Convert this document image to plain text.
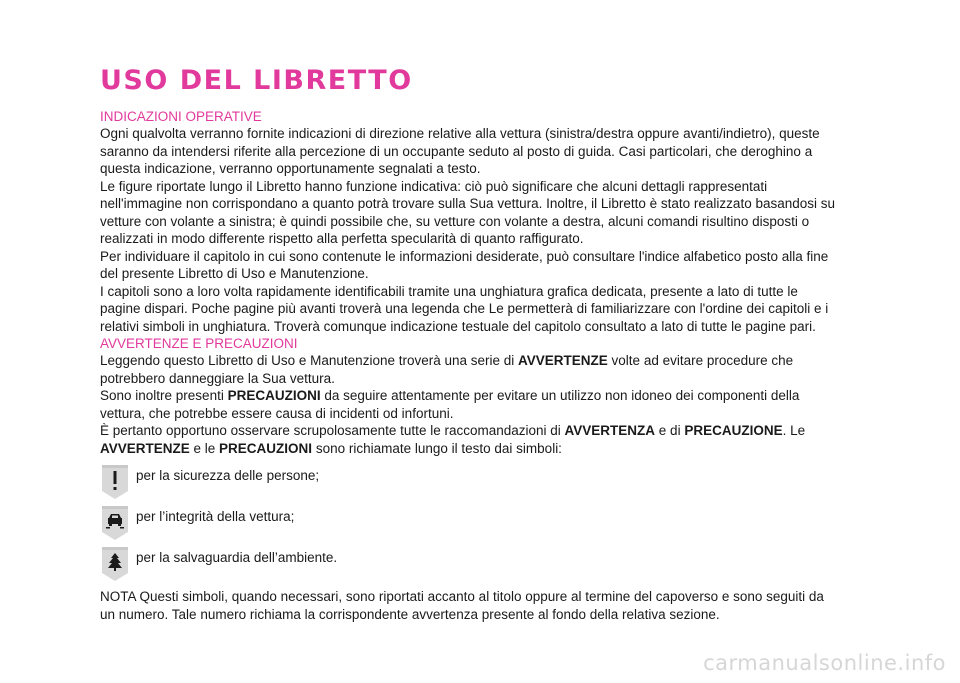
USO DEL LIBRETTO
INDICAZIONI OPERATIVE

Ogni qualvolta verranno fornite indicazioni di direzione relative alla vettura (sinistra/destra oppure avanti/indietro), queste saranno da intendersi riferite alla percezione di un occupante seduto al posto di guida. Casi particolari, che deroghino a questa indicazione, verranno opportunamente segnalati a testo.

Le figure riportate lungo il Libretto hanno funzione indicativa: ciò può significare che alcuni dettagli rappresentati nell'immagine non corrispondano a quanto potrà trovare sulla Sua vettura. Inoltre, il Libretto è stato realizzato basandosi su vetture con volante a sinistra; è quindi possibile che, su vetture con volante a destra, alcuni comandi risultino disposti o realizzati in modo differente rispetto alla perfetta specularità di quanto raffigurato.

Per individuare il capitolo in cui sono contenute le informazioni desiderate, può consultare l'indice alfabetico posto alla fine del presente Libretto di Uso e Manutenzione.

I capitoli sono a loro volta rapidamente identificabili tramite una unghiatura grafica dedicata, presente a lato di tutte le pagine dispari. Poche pagine più avanti troverà una legenda che Le permetterà di familiarizzare con l'ordine dei capitoli e i relativi simboli in unghiatura. Troverà comunque indicazione testuale del capitolo consultato a lato di tutte le pagine pari.

AVVERTENZE E PRECAUZIONI

Leggendo questo Libretto di Uso e Manutenzione troverà una serie di AVVERTENZE volte ad evitare procedure che potrebbero danneggiare la Sua vettura.

Sono inoltre presenti PRECAUZIONI da seguire attentamente per evitare un utilizzo non idoneo dei componenti della vettura, che potrebbe essere causa di incidenti od infortuni.

È pertanto opportuno osservare scrupolosamente tutte le raccomandazioni di AVVERTENZA e di PRECAUZIONE. Le AVVERTENZE e le PRECAUZIONI sono richiamate lungo il testo dai simboli:

per la sicurezza delle persone;
per l’integrità della vettura;
per la salvaguardia dell’ambiente.

NOTA Questi simboli, quando necessari, sono riportati accanto al titolo oppure al termine del capoverso e sono seguiti da un numero. Tale numero richiama la corrispondente avvertenza presente al fondo della relativa sezione.

carmanualsonline.info
